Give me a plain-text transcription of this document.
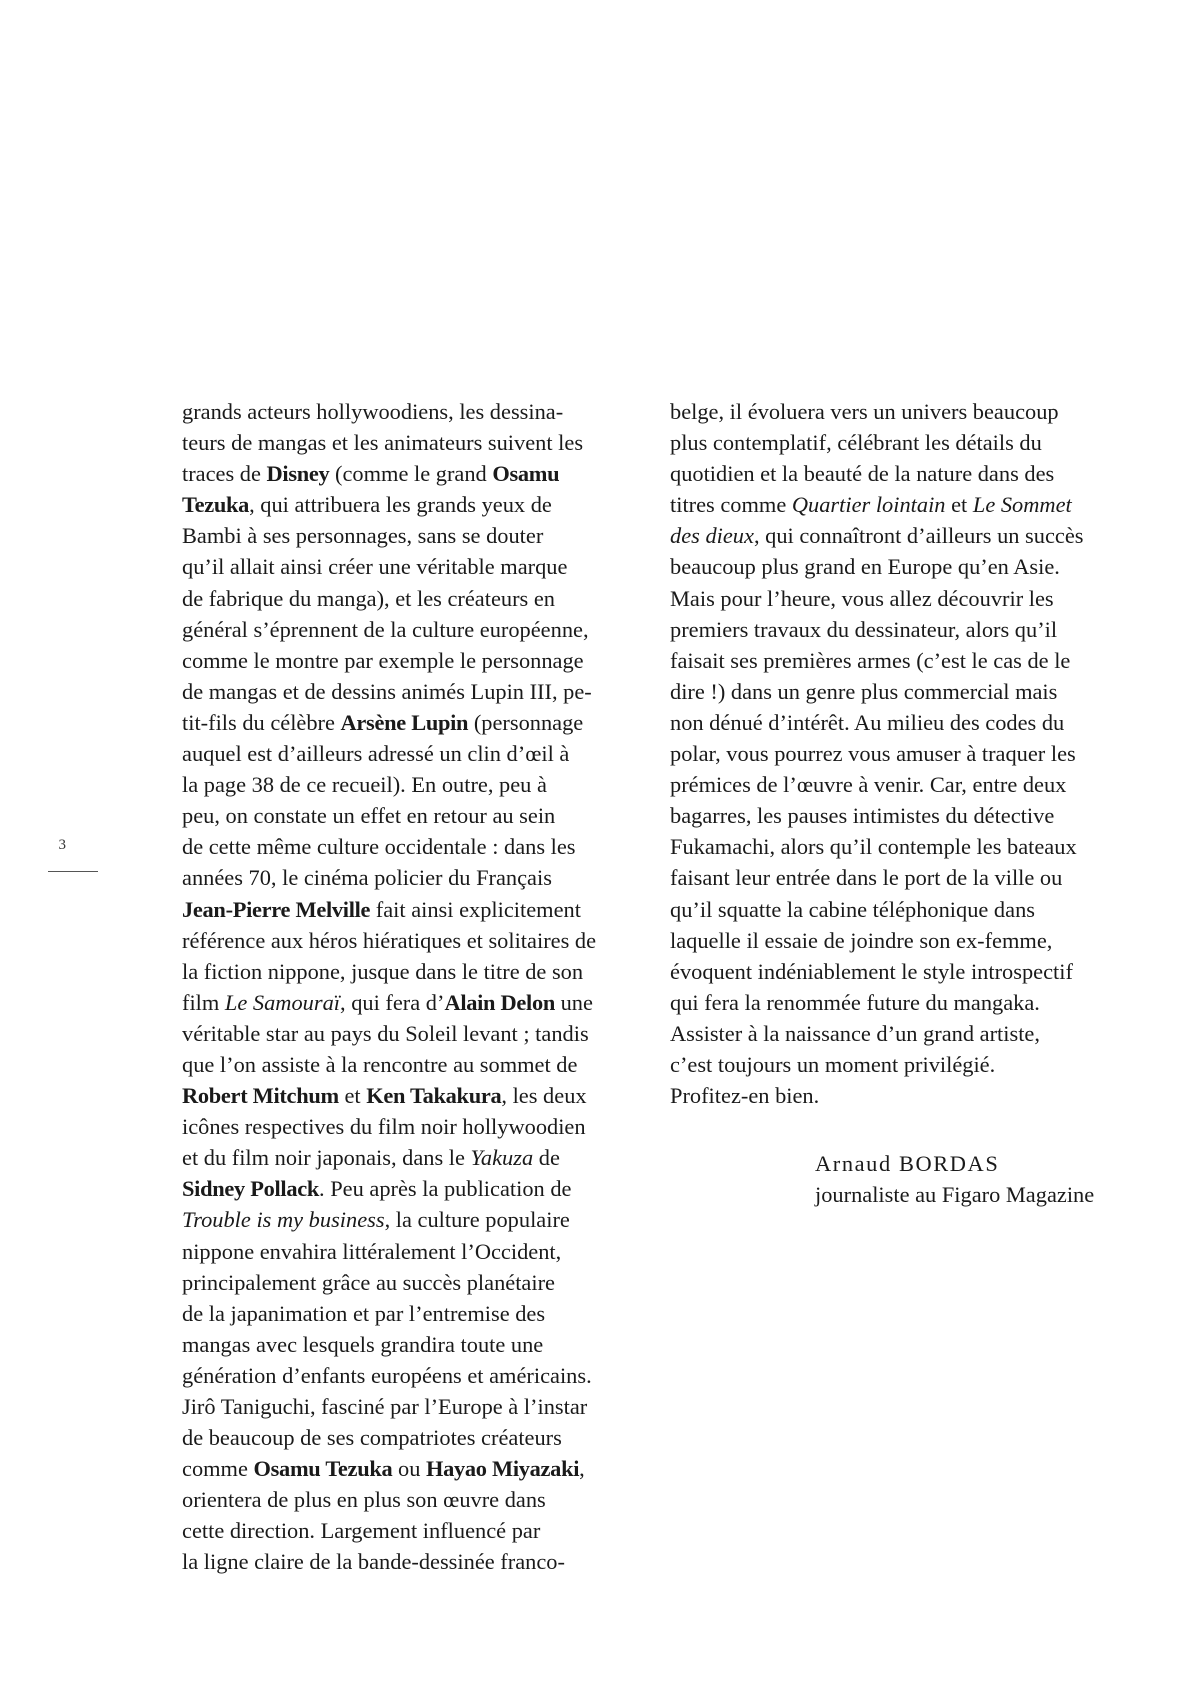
3
grands acteurs hollywoodiens, les dessina-
teurs de mangas et les animateurs suivent les
traces de Disney (comme le grand Osamu
Tezuka, qui attribuera les grands yeux de
Bambi à ses personnages, sans se douter
qu’il allait ainsi créer une véritable marque
de fabrique du manga), et les créateurs en
général s’éprennent de la culture européenne,
comme le montre par exemple le personnage
de mangas et de dessins animés Lupin III, pe-
tit-fils du célèbre Arsène Lupin (personnage
auquel est d’ailleurs adressé un clin d’œil à
la page 38 de ce recueil). En outre, peu à
peu, on constate un effet en retour au sein
de cette même culture occidentale : dans les
années 70, le cinéma policier du Français
Jean-Pierre Melville fait ainsi explicitement
référence aux héros hiératiques et solitaires de
la fiction nippone, jusque dans le titre de son
film Le Samouraï, qui fera d’Alain Delon une
véritable star au pays du Soleil levant ; tandis
que l’on assiste à la rencontre au sommet de
Robert Mitchum et Ken Takakura, les deux
icônes respectives du film noir hollywoodien
et du film noir japonais, dans le Yakuza de
Sidney Pollack. Peu après la publication de
Trouble is my business, la culture populaire
nippone envahira littéralement l’Occident,
principalement grâce au succès planétaire
de la japanimation et par l’entremise des
mangas avec lesquels grandira toute une
génération d’enfants européens et américains.
Jirô Taniguchi, fasciné par l’Europe à l’instar
de beaucoup de ses compatriotes créateurs
comme Osamu Tezuka ou Hayao Miyazaki,
orientera de plus en plus son œuvre dans
cette direction. Largement influencé par
la ligne claire de la bande-dessinée franco-
belge, il évoluera vers un univers beaucoup
plus contemplatif, célébrant les détails du
quotidien et la beauté de la nature dans des
titres comme Quartier lointain et Le Sommet
des dieux, qui connaîtront d’ailleurs un succès
beaucoup plus grand en Europe qu’en Asie.
Mais pour l’heure, vous allez découvrir les
premiers travaux du dessinateur, alors qu’il
faisait ses premières armes (c’est le cas de le
dire !) dans un genre plus commercial mais
non dénué d’intérêt. Au milieu des codes du
polar, vous pourrez vous amuser à traquer les
prémices de l’œuvre à venir. Car, entre deux
bagarres, les pauses intimistes du détective
Fukamachi, alors qu’il contemple les bateaux
faisant leur entrée dans le port de la ville ou
qu’il squatte la cabine téléphonique dans
laquelle il essaie de joindre son ex-femme,
évoquent indéniablement le style introspectif
qui fera la renommée future du mangaka.
Assister à la naissance d’un grand artiste,
c’est toujours un moment privilégié.
Profitez-en bien.
Arnaud BORDAS
journaliste au Figaro Magazine
